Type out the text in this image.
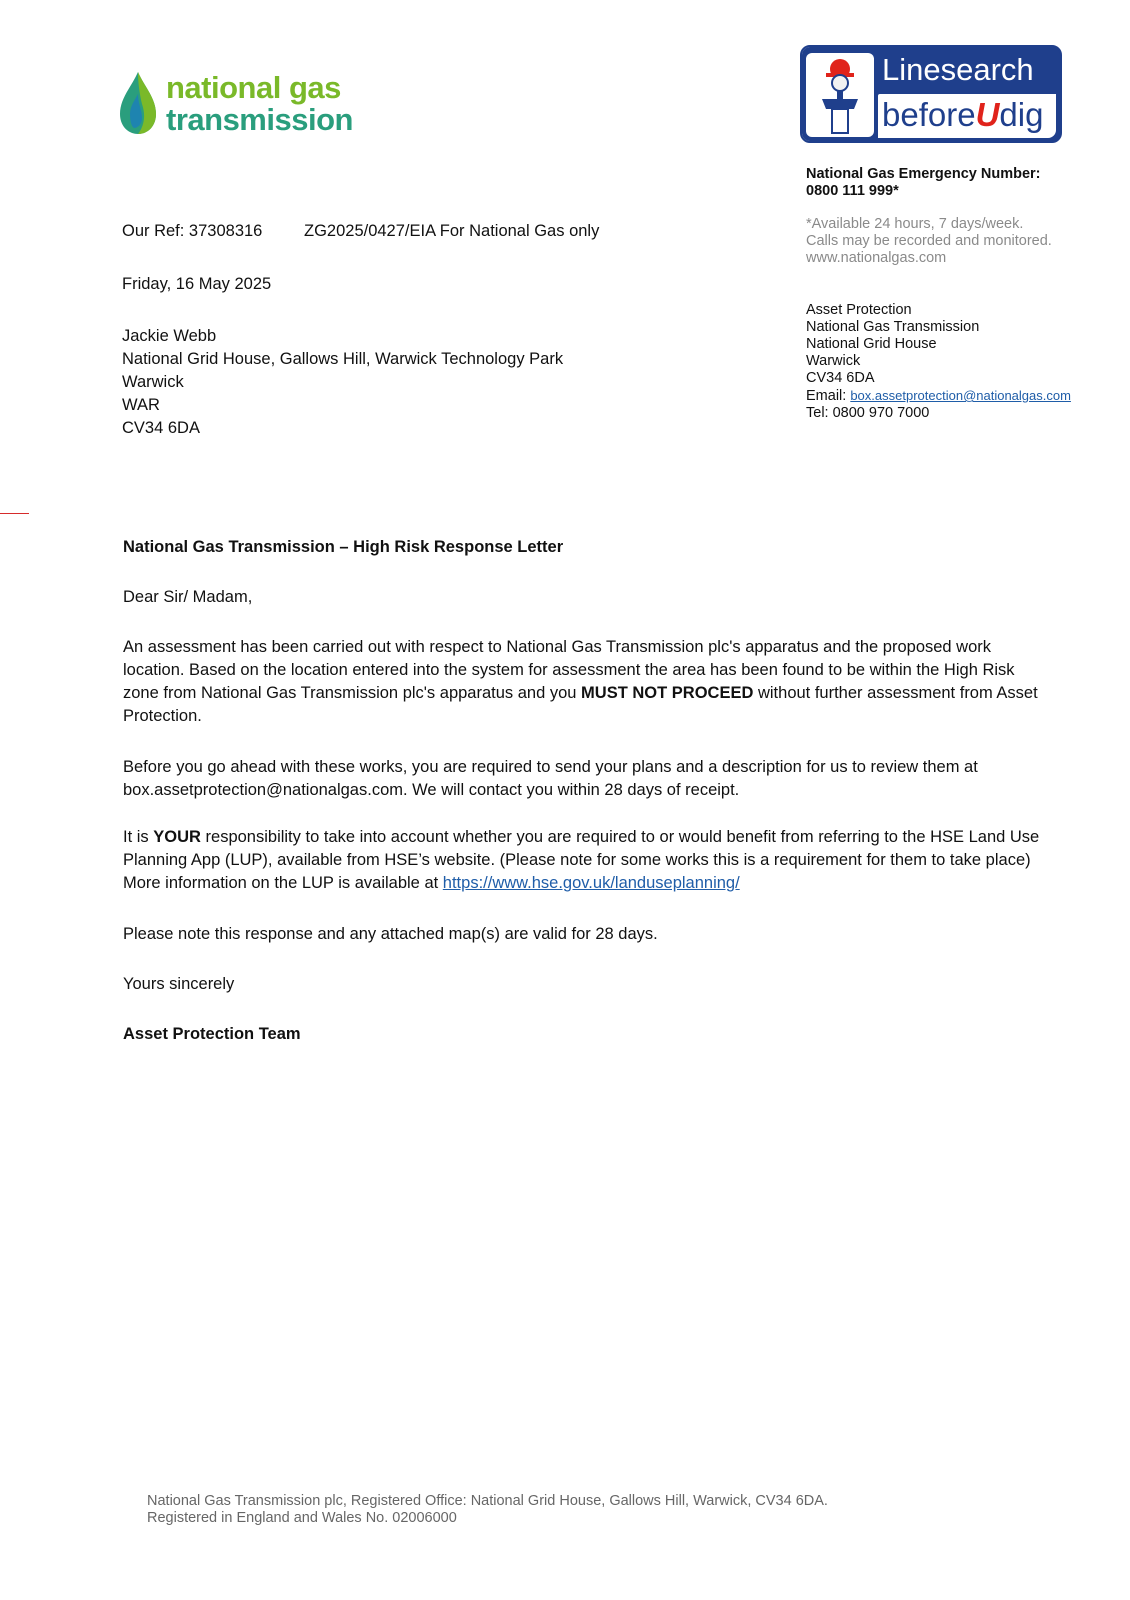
national gas
transmission
Linesearch
beforeUdig
National Gas Emergency Number:
0800 111 999*
*Available 24 hours, 7 days/week.
Calls may be recorded and monitored.
www.nationalgas.com
Asset Protection
National Gas Transmission
National Grid House
Warwick
CV34 6DA
Email: box.assetprotection@nationalgas.com
Tel: 0800 970 7000
Our Ref: 37308316	ZG2025/0427/EIA For National Gas only
Friday, 16 May 2025
Jackie Webb
National Grid House, Gallows Hill, Warwick Technology Park
Warwick
WAR
CV34 6DA
National Gas Transmission – High Risk Response Letter
Dear Sir/ Madam,
An assessment has been carried out with respect to National Gas Transmission plc's apparatus and the proposed work location. Based on the location entered into the system for assessment the area has been found to be within the High Risk zone from National Gas Transmission plc's apparatus and you MUST NOT PROCEED without further assessment from Asset Protection.
Before you go ahead with these works, you are required to send your plans and a description for us to review them at box.assetprotection@nationalgas.com. We will contact you within 28 days of receipt.
It is YOUR responsibility to take into account whether you are required to or would benefit from referring to the HSE Land Use Planning App (LUP), available from HSE’s website. (Please note for some works this is a requirement for them to take place) More information on the LUP is available at https://www.hse.gov.uk/landuseplanning/
Please note this response and any attached map(s) are valid for 28 days.
Yours sincerely
Asset Protection Team
National Gas Transmission plc, Registered Office: National Grid House, Gallows Hill, Warwick, CV34 6DA.
Registered in England and Wales No. 02006000
